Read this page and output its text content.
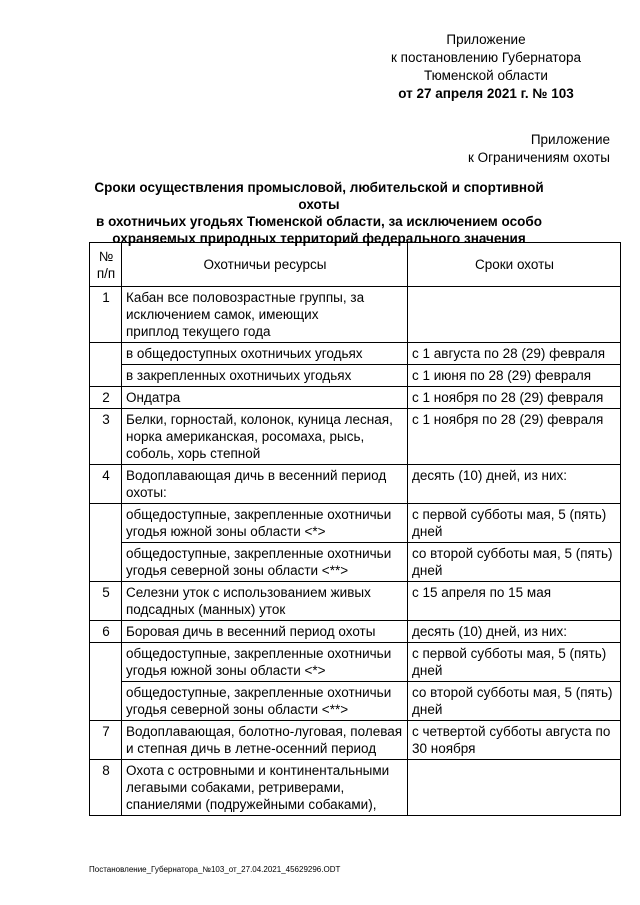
Приложение
к постановлению Губернатора
Тюменской области
от 27 апреля 2021 г. № 103
Приложение
к Ограничениям охоты
Сроки осуществления промысловой, любительской и спортивной охоты
в охотничьих угодьях Тюменской области, за исключением особо
охраняемых природных территорий федерального значения
№ п/п	Охотничьи ресурсы	Сроки охоты
1	Кабан все половозрастные группы, за исключением самок, имеющих приплод текущего года	

	в общедоступных охотничьих угодьях	с 1 августа по 28 (29) февраля
	в закрепленных охотничьих угодьях	с 1 июня по 28 (29) февраля
2	Ондатра	с 1 ноября по 28 (29) февраля
3	Белки, горностай, колонок, куница лесная, норка американская, росомаха, рысь, соболь, хорь степной	с 1 ноября по 28 (29) февраля
4	Водоплавающая дичь в весенний период охоты:	десять (10) дней, из них:
	общедоступные, закрепленные охотничьи угодья южной зоны области <*>	с первой субботы мая, 5 (пять) дней
	общедоступные, закрепленные охотничьи угодья северной зоны области <**>	со второй субботы мая, 5 (пять) дней
5	Селезни уток с использованием живых подсадных (манных) уток	с 15 апреля по 15 мая
6	Боровая дичь в весенний период охоты	десять (10) дней, из них:
	общедоступные, закрепленные охотничьи угодья южной зоны области <*>	с первой субботы мая, 5 (пять) дней
	общедоступные, закрепленные охотничьи угодья северной зоны области <**>	со второй субботы мая, 5 (пять) дней
7	Водоплавающая, болотно-луговая, полевая и степная дичь в летне-осенний период	с четвертой субботы августа по 30 ноября
8	Охота с островными и континентальными легавыми собаками, ретриверами, спаниелями (подружейными собаками),	
Постановление_Губернатора_№103_от_27.04.2021_45629296.ODT
